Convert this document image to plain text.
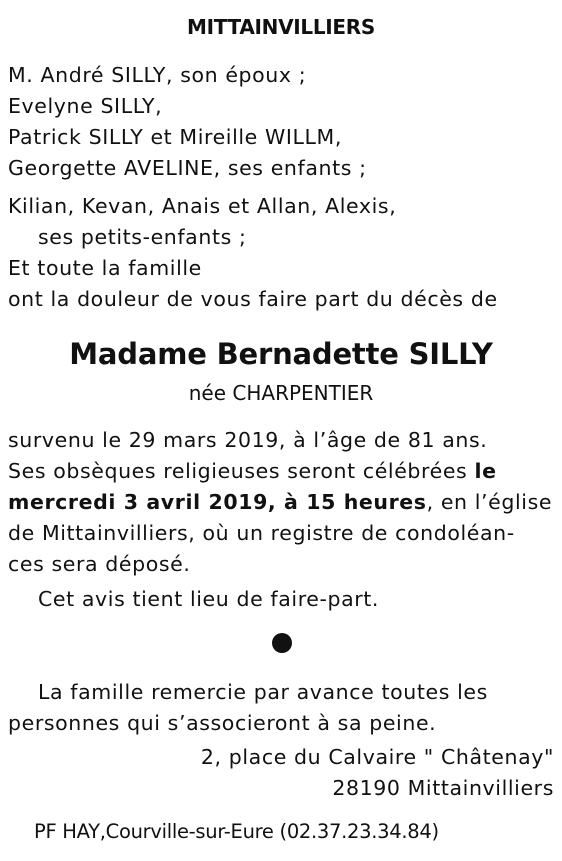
MITTAINVILLIERS
M. André SILLY, son époux ;
Evelyne SILLY,
Patrick SILLY et Mireille WILLM,
Georgette AVELINE, ses enfants ;
Kilian, Kevan, Anais et Allan, Alexis,
ses petits-enfants ;
Et toute la famille
ont la douleur de vous faire part du décès de
Madame Bernadette SILLY
née CHARPENTIER
survenu le 29 mars 2019, à l’âge de 81 ans.
Ses obsèques religieuses seront célébrées le
mercredi 3 avril 2019, à 15 heures, en l’église
de Mittainvilliers, où un registre de condoléan-
ces sera déposé.
Cet avis tient lieu de faire-part.
La famille remercie par avance toutes les
personnes qui s’associeront à sa peine.
2, place du Calvaire " Châtenay"
28190 Mittainvilliers
PF HAY,Courville-sur-Eure (02.37.23.34.84)
